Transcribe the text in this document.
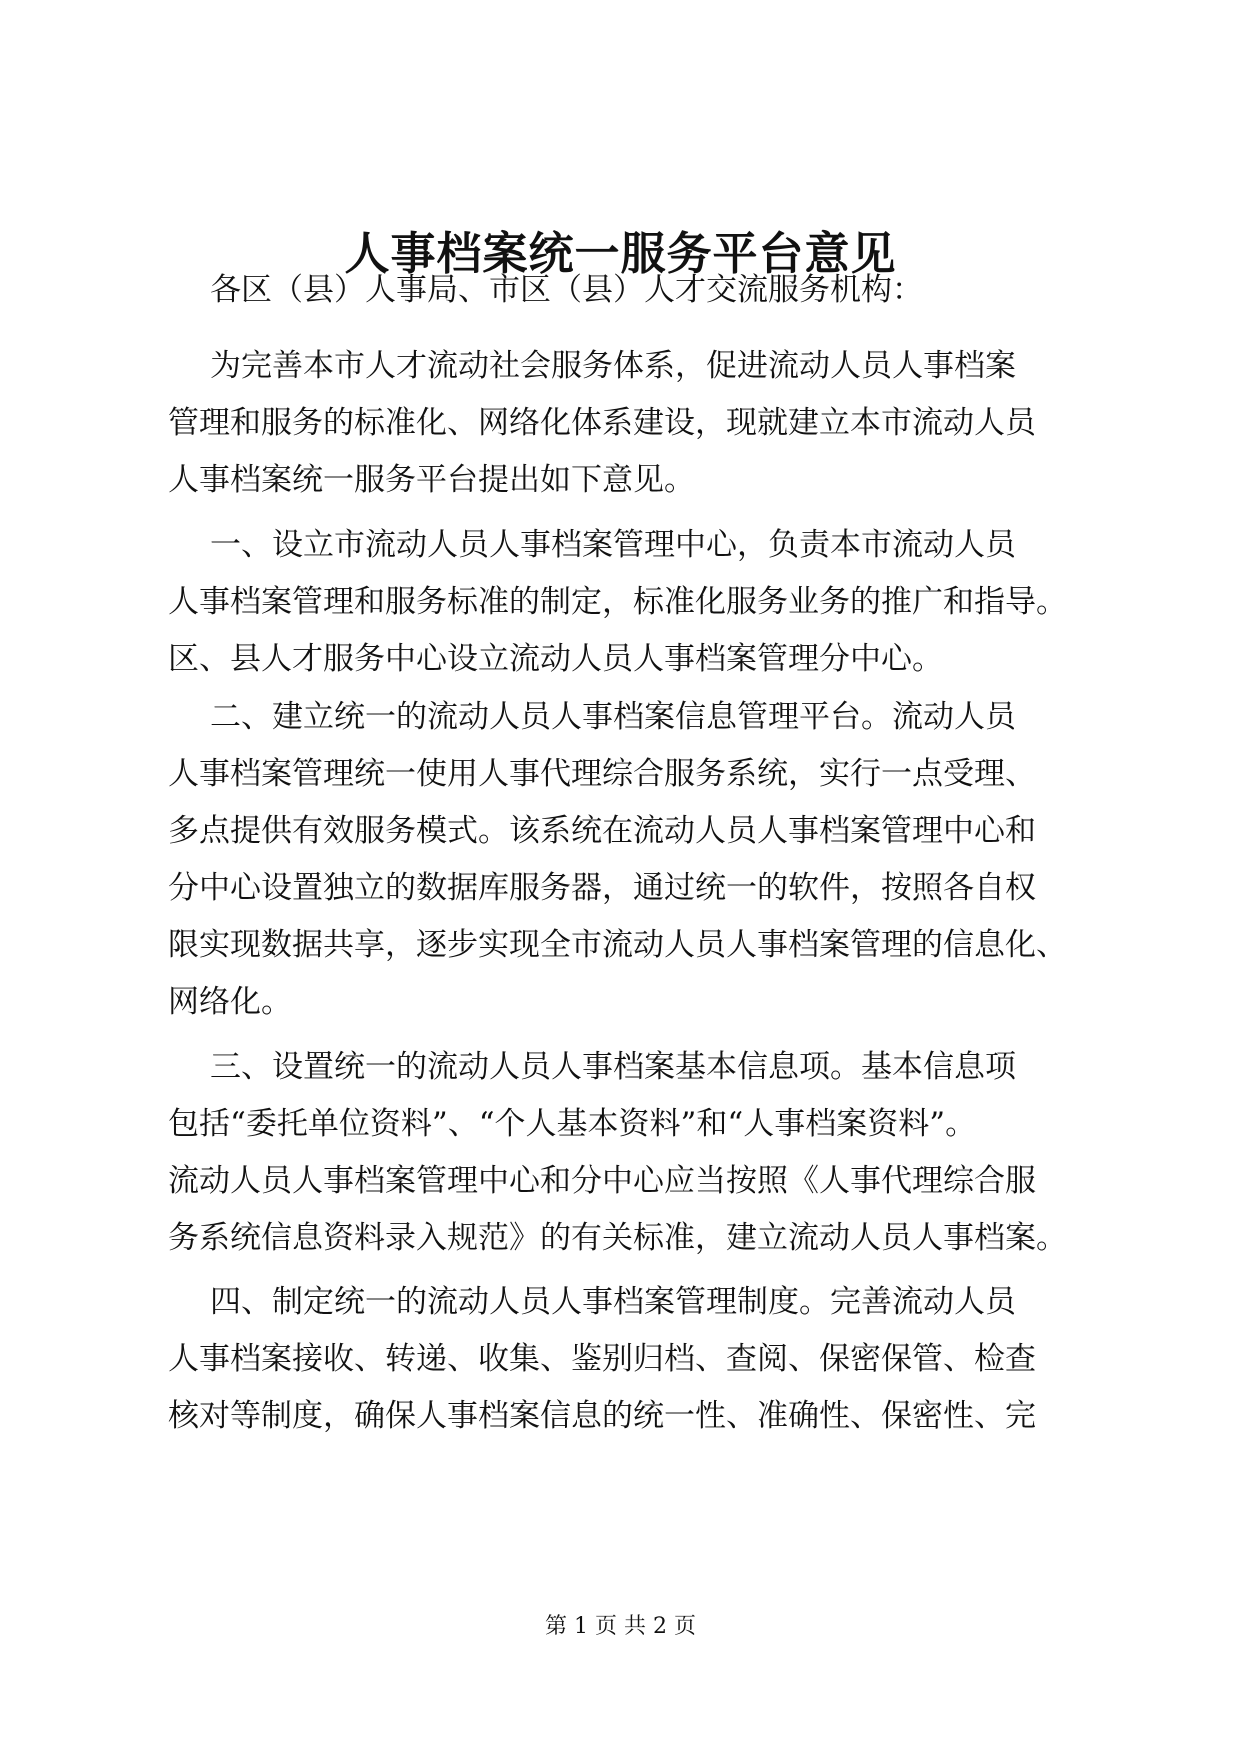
人事档案统一服务平台意见
各区（县）人事局、市区（县）人才交流服务机构：
为完善本市人才流动社会服务体系，促进流动人员人事档案
管理和服务的标准化、网络化体系建设，现就建立本市流动人员
人事档案统一服务平台提出如下意见。
一、设立市流动人员人事档案管理中心，负责本市流动人员
人事档案管理和服务标准的制定，标准化服务业务的推广和指导。
区、县人才服务中心设立流动人员人事档案管理分中心。
二、建立统一的流动人员人事档案信息管理平台。流动人员
人事档案管理统一使用人事代理综合服务系统，实行一点受理、
多点提供有效服务模式。该系统在流动人员人事档案管理中心和
分中心设置独立的数据库服务器，通过统一的软件，按照各自权
限实现数据共享，逐步实现全市流动人员人事档案管理的信息化、
网络化。
三、设置统一的流动人员人事档案基本信息项。基本信息项
包括“委托单位资料”、“个人基本资料”和“人事档案资料”。
流动人员人事档案管理中心和分中心应当按照《人事代理综合服
务系统信息资料录入规范》的有关标准，建立流动人员人事档案。
四、制定统一的流动人员人事档案管理制度。完善流动人员
人事档案接收、转递、收集、鉴别归档、查阅、保密保管、检查
核对等制度，确保人事档案信息的统一性、准确性、保密性、完
第 1 页 共 2 页
